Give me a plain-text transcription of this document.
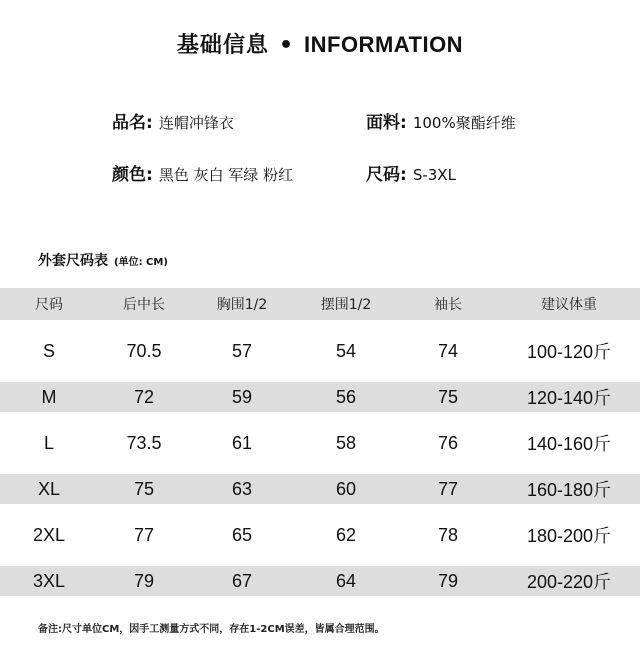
基础信息 • INFORMATION
品名: 连帽冲锋衣	面料: 100%聚酯纤维
颜色: 黑色 灰白 军绿 粉红	尺码: S-3XL
外套尺码表 (单位: CM)
尺码	后中长	胸围1/2	摆围1/2	袖长	建议体重
S	70.5	57	54	74	100-120斤
M	72	59	56	75	120-140斤
L	73.5	61	58	76	140-160斤
XL	75	63	60	77	160-180斤
2XL	77	65	62	78	180-200斤
3XL	79	67	64	79	200-220斤
备注:尺寸单位CM，因手工测量方式不同，存在1-2CM误差，皆属合理范围。
